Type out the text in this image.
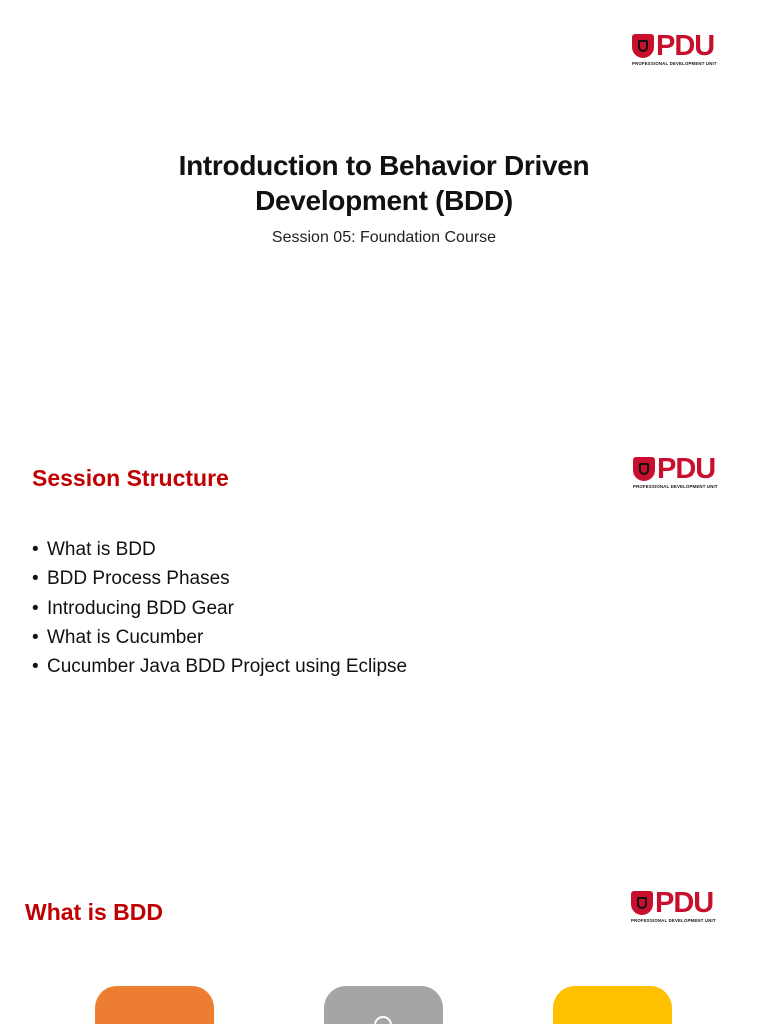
PDU
PROFESSIONAL DEVELOPMENT UNIT
Introduction to Behavior Driven
Development (BDD)

Session 05: Foundation Course

PDU
PROFESSIONAL DEVELOPMENT UNIT
Session Structure
• What is BDD
• BDD Process Phases
• Introducing BDD Gear
• What is Cucumber
• Cucumber Java BDD Project using Eclipse
PDU
PROFESSIONAL DEVELOPMENT UNIT
What is BDD
